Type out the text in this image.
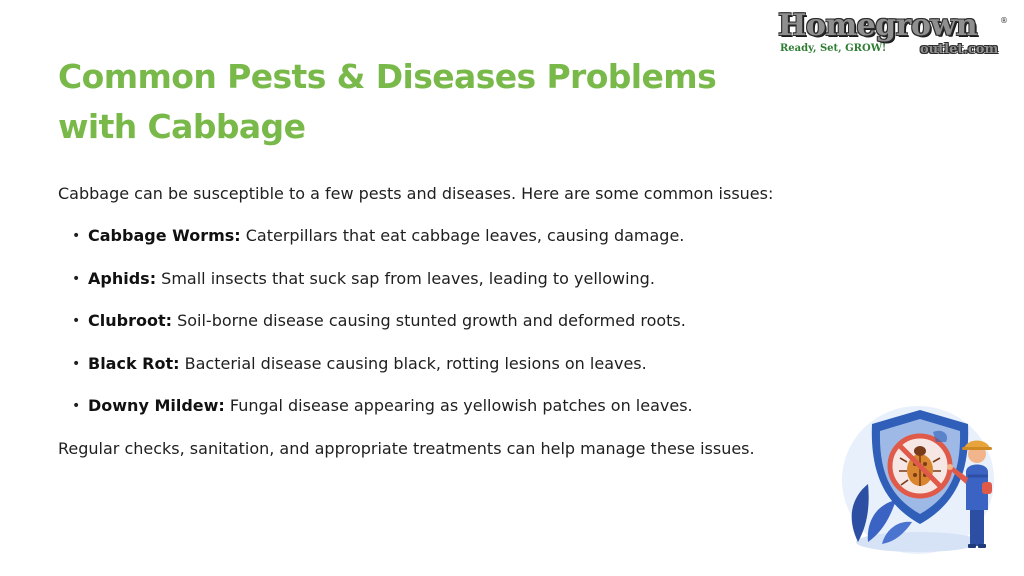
Homegrown	®
Ready, Set, GROW!	outlet.com
Common Pests & Diseases Problems
with Cabbage

Cabbage can be susceptible to a few pests and diseases. Here are some common issues:

• Cabbage Worms: Caterpillars that eat cabbage leaves, causing damage.
• Aphids: Small insects that suck sap from leaves, leading to yellowing.
• Clubroot: Soil-borne disease causing stunted growth and deformed roots.
• Black Rot: Bacterial disease causing black, rotting lesions on leaves.
• Downy Mildew: Fungal disease appearing as yellowish patches on leaves.

Regular checks, sanitation, and appropriate treatments can help manage these issues.
